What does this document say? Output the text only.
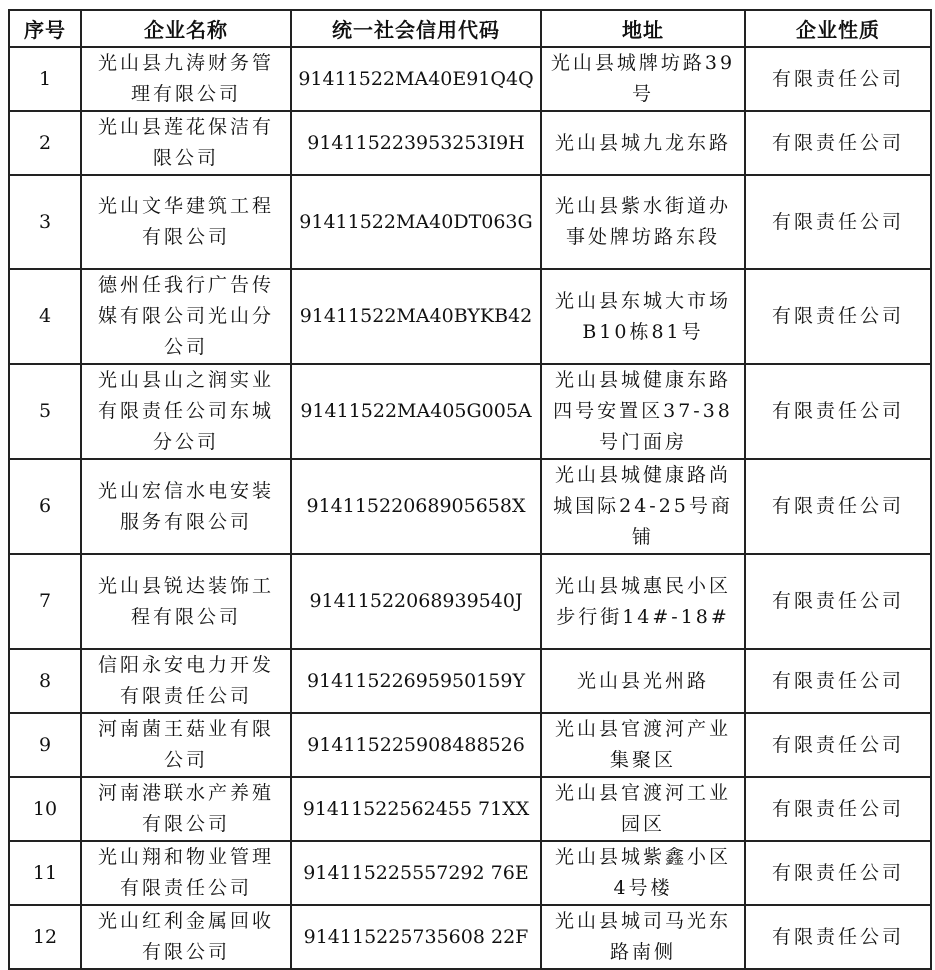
序号	企业名称	统一社会信用代码	地址	企业性质
1	光山县九涛财务管理有限公司	91411522MA40E91Q4Q	光山县城牌坊路39号	有限责任公司
2	光山县莲花保洁有限公司	914115223953253I9H	光山县城九龙东路	有限责任公司
3	光山文华建筑工程有限公司	91411522MA40DT063G	光山县紫水街道办事处牌坊路东段	有限责任公司
4	德州任我行广告传媒有限公司光山分公司	91411522MA40BYKB42	光山县东城大市场B10栋81号	有限责任公司
5	光山县山之润实业有限责任公司东城分公司	91411522MA405G005A	光山县城健康东路四号安置区37-38号门面房	有限责任公司
6	光山宏信水电安装服务有限公司	91411522068905658X	光山县城健康路尚城国际24-25号商铺	有限责任公司
7	光山县锐达装饰工程有限公司	91411522068939540J	光山县城惠民小区步行街14#-18#	有限责任公司
8	信阳永安电力开发有限责任公司	91411522695950159Y	光山县光州路	有限责任公司
9	河南菌王菇业有限公司	914115225908488526	光山县官渡河产业集聚区	有限责任公司
10	河南港联水产养殖有限公司	91411522562455 71XX	光山县官渡河工业园区	有限责任公司
11	光山翔和物业管理有限责任公司	914115225557292 76E	光山县城紫鑫小区4号楼	有限责任公司
12	光山红利金属回收有限公司	914115225735608 22F	光山县城司马光东路南侧	有限责任公司
